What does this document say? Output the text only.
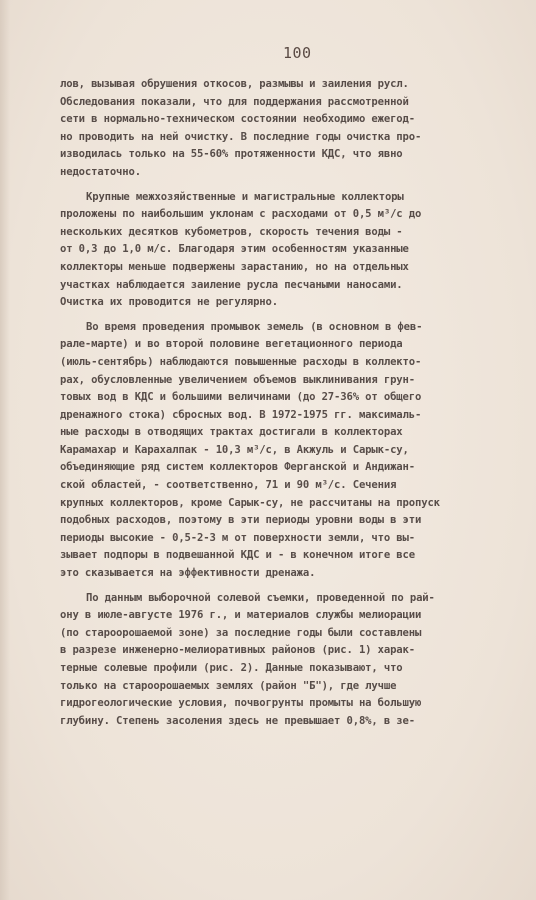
100
лов, вызывая обрушения откосов, размывы и заиления русл.
Обследования показали, что для поддержания рассмотренной
сети в нормально-техническом состоянии необходимо ежегод-
но проводить на ней очистку. В последние годы очистка про-
изводилась только на 55-60% протяженности КДС, что явно
недостаточно.
Крупные межхозяйственные и магистральные коллекторы
проложены по наибольшим уклонам с расходами от 0,5 м³/с до
нескольких десятков кубометров, скорость течения воды -
от 0,3 до 1,0 м/с. Благодаря этим особенностям указанные
коллекторы меньше подвержены зарастанию, но на отдельных
участках наблюдается заиление русла песчаными наносами.
Очистка их проводится не регулярно.
Во время проведения промывок земель (в основном в фев-
рале-марте) и во второй половине вегетационного периода
(июль-сентябрь) наблюдаются повышенные расходы в коллекто-
рах, обусловленные увеличением объемов выклинивания грун-
товых вод в КДС и большими величинами (до 27-36% от общего
дренажного стока) сбросных вод. В 1972-1975 гг. максималь-
ные расходы в отводящих трактах достигали в коллекторах
Карамахар и Карахалпак - 10,3 м³/с, в Акжуль и Сарык-су,
объединяющие ряд систем коллекторов Ферганской и Андижан-
ской областей, - соответственно, 71 и 90 м³/с. Сечения
крупных коллекторов, кроме Сарык-су, не рассчитаны на пропуск
подобных расходов, поэтому в эти периоды уровни воды в эти
периоды высокие - 0,5-2-3 м от поверхности земли, что вы-
зывает подпоры в подвешанной КДС и - в конечном итоге все
это сказывается на эффективности дренажа.
По данным выборочной солевой съемки, проведенной по рай-
ону в июле-августе 1976 г., и материалов службы мелиорации
(по староорошаемой зоне) за последние годы были составлены
в разрезе инженерно-мелиоративных районов (рис. 1) харак-
терные солевые профили (рис. 2). Данные показывают, что
только на староорошаемых землях (район "Б"), где лучше
гидрогеологические условия, почвогрунты промыты на большую
глубину. Степень засоления здесь не превышает 0,8%, в зе-
